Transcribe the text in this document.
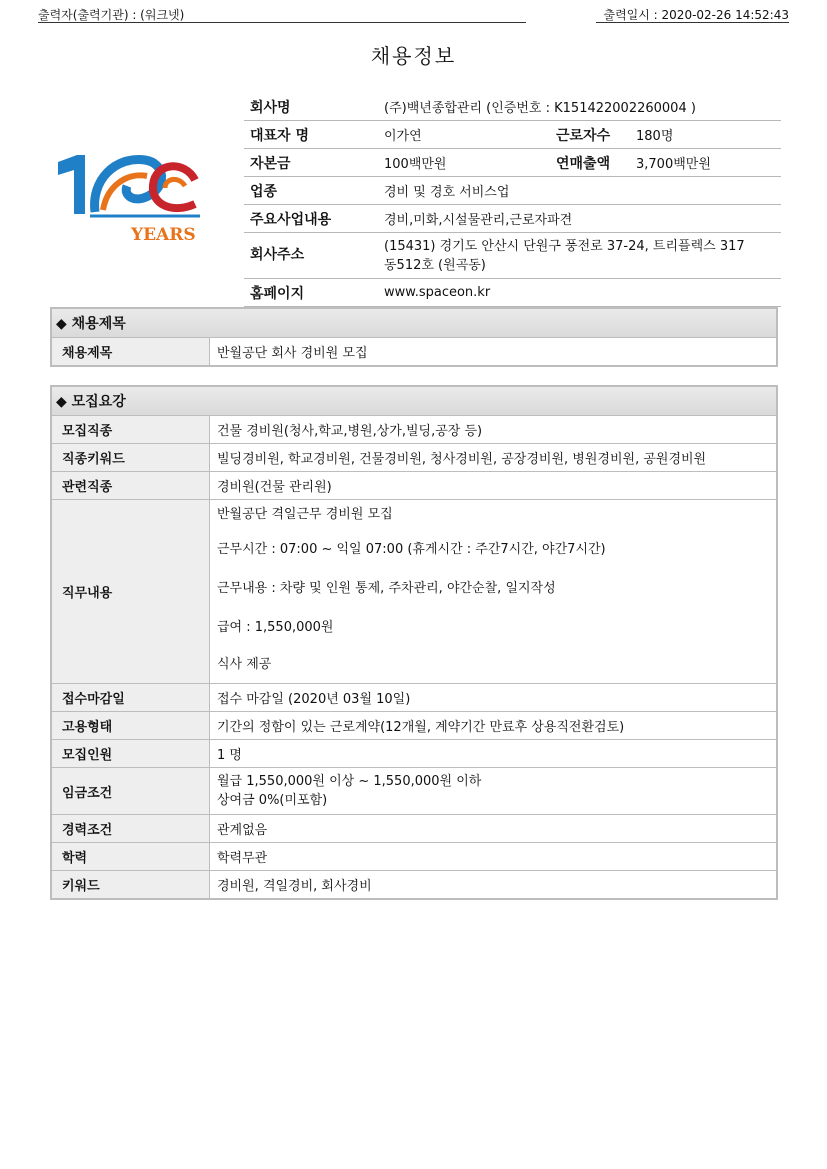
출력자(출력기관) : (워크넷)	출력일시 : 2020-02-26 14:52:43
채용정보
YEARS
회사명	(주)백년종합관리 (인증번호 : K151422002260004 )		
대표자 명	이가연	근로자수	180명
자본금	100백만원	연매출액	3,700백만원
업종	경비 및 경호 서비스업		
주요사업내용	경비,미화,시설물관리,근로자파견		
회사주소	(15431) 경기도 안산시 단원구 풍전로 37-24, 트리플렉스 317
동512호 (원곡동)		

홈페이지	www.spaceon.kr		
◆ 채용제목
채용제목	반월공단 회사 경비원 모집
◆ 모집요강	
모집직종	건물 경비원(청사,학교,병원,상가,빌딩,공장 등)
직종키워드	빌딩경비원, 학교경비원, 건물경비원, 청사경비원, 공장경비원, 병원경비원, 공원경비원
관련직종	경비원(건물 관리원)
직무내용	반월공단 격일근무 경비원 모집
근무시간 : 07:00 ~ 익일 07:00 (휴게시간 : 주간7시간, 야간7시간)
근무내용 : 차량 및 인원 통제, 주차관리, 야간순찰, 일지작성
급여 : 1,550,000원
식사 제공

접수마감일	접수 마감일 (2020년 03월 10일)
고용형태	기간의 정함이 있는 근로계약(12개월, 계약기간 만료후 상용직전환검토)
모집인원	1 명
임금조건	월급 1,550,000원 이상 ~ 1,550,000원 이하
상여금 0%(미포함)

경력조건	관계없음
학력	학력무관
키워드	경비원, 격일경비, 회사경비
